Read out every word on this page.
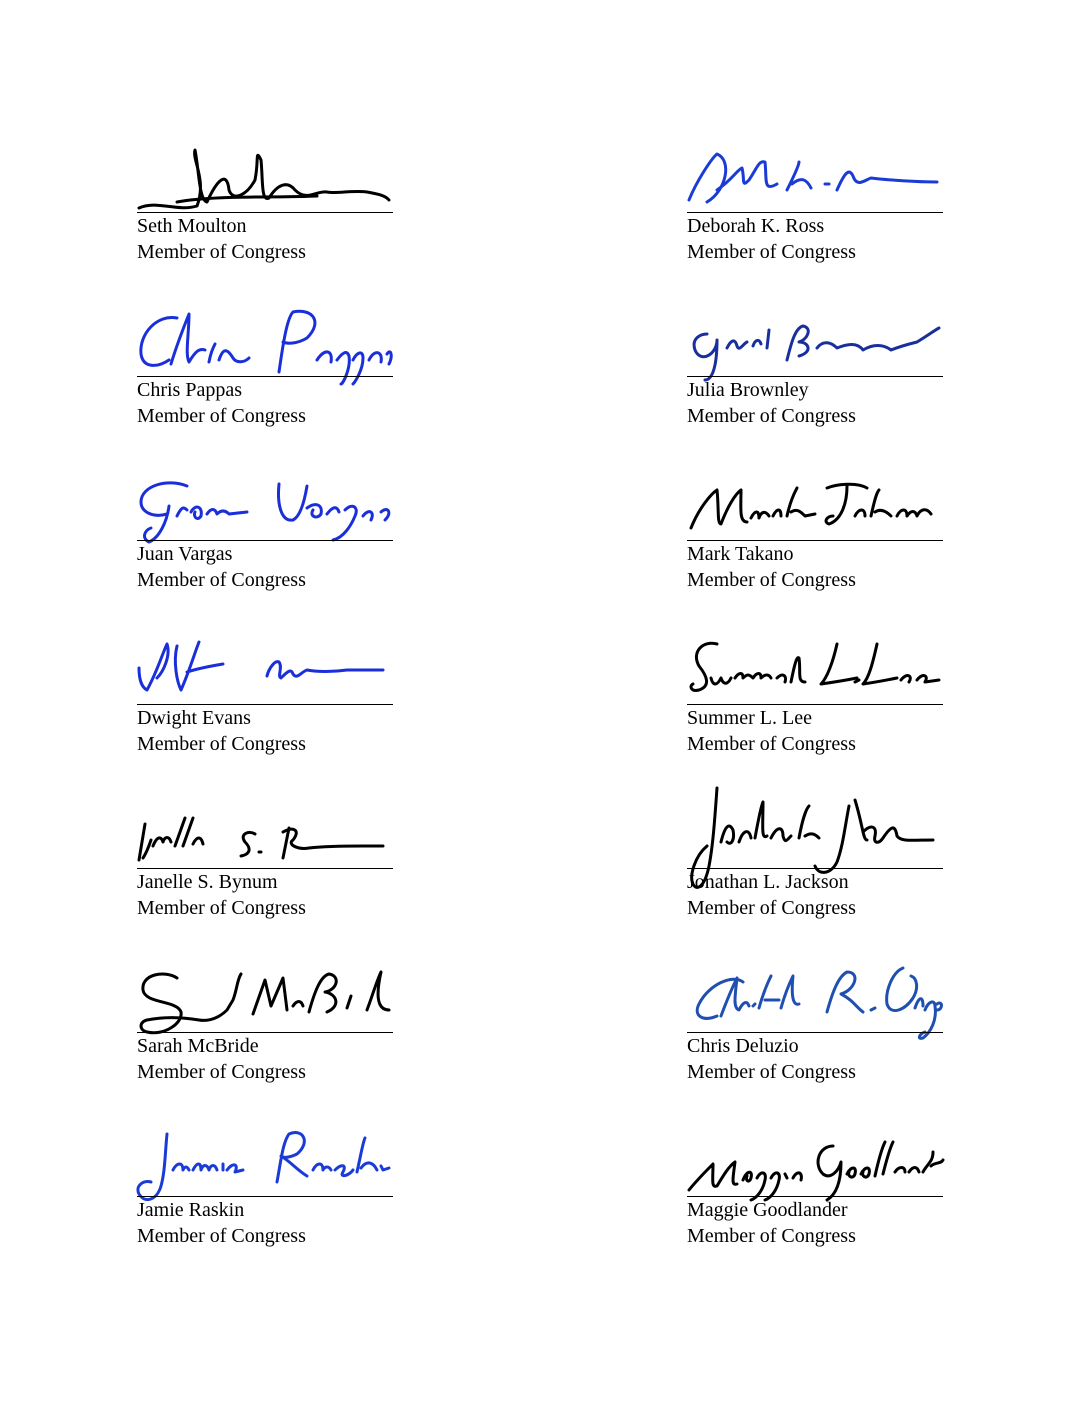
Seth Moulton
Member of Congress
Deborah K. Ross
Member of Congress
Chris Pappas
Member of Congress
Julia Brownley
Member of Congress
Juan Vargas
Member of Congress
Mark Takano
Member of Congress
Dwight Evans
Member of Congress
Summer L. Lee
Member of Congress
Janelle S. Bynum
Member of Congress
Jonathan L. Jackson
Member of Congress
Sarah McBride
Member of Congress
Chris Deluzio
Member of Congress
Jamie Raskin
Member of Congress
Maggie Goodlander
Member of Congress
